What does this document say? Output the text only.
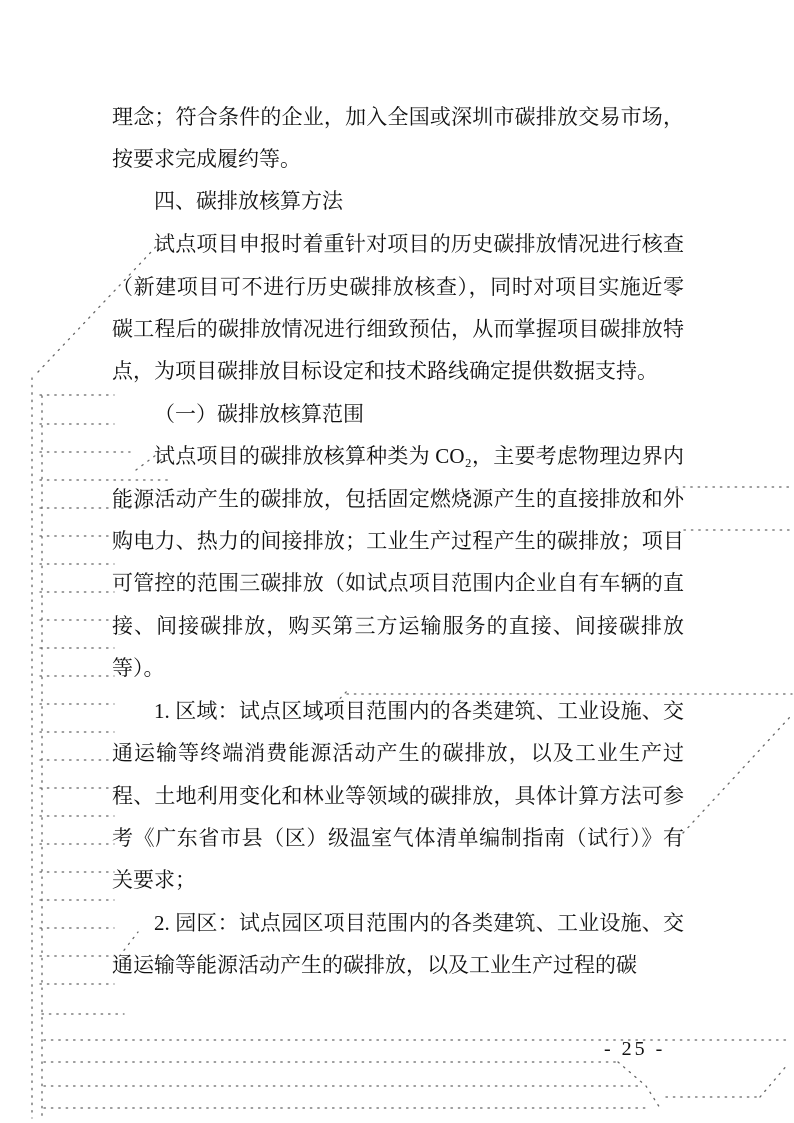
理念；符合条件的企业，加入全国或深圳市碳排放交易市场，按要求完成履约等。

四、碳排放核算方法

试点项目申报时着重针对项目的历史碳排放情况进行核查（新建项目可不进行历史碳排放核查），同时对项目实施近零碳工程后的碳排放情况进行细致预估，从而掌握项目碳排放特点，为项目碳排放目标设定和技术路线确定提供数据支持。

（一）碳排放核算范围

试点项目的碳排放核算种类为 CO₂，主要考虑物理边界内能源活动产生的碳排放，包括固定燃烧源产生的直接排放和外购电力、热力的间接排放；工业生产过程产生的碳排放；项目可管控的范围三碳排放（如试点项目范围内企业自有车辆的直接、间接碳排放，购买第三方运输服务的直接、间接碳排放等）。

1. 区域：试点区域项目范围内的各类建筑、工业设施、交通运输等终端消费能源活动产生的碳排放，以及工业生产过程、土地利用变化和林业等领域的碳排放，具体计算方法可参考《广东省市县（区）级温室气体清单编制指南（试行）》有关要求；

2. 园区：试点园区项目范围内的各类建筑、工业设施、交通运输等能源活动产生的碳排放，以及工业生产过程的碳

- 25 -
